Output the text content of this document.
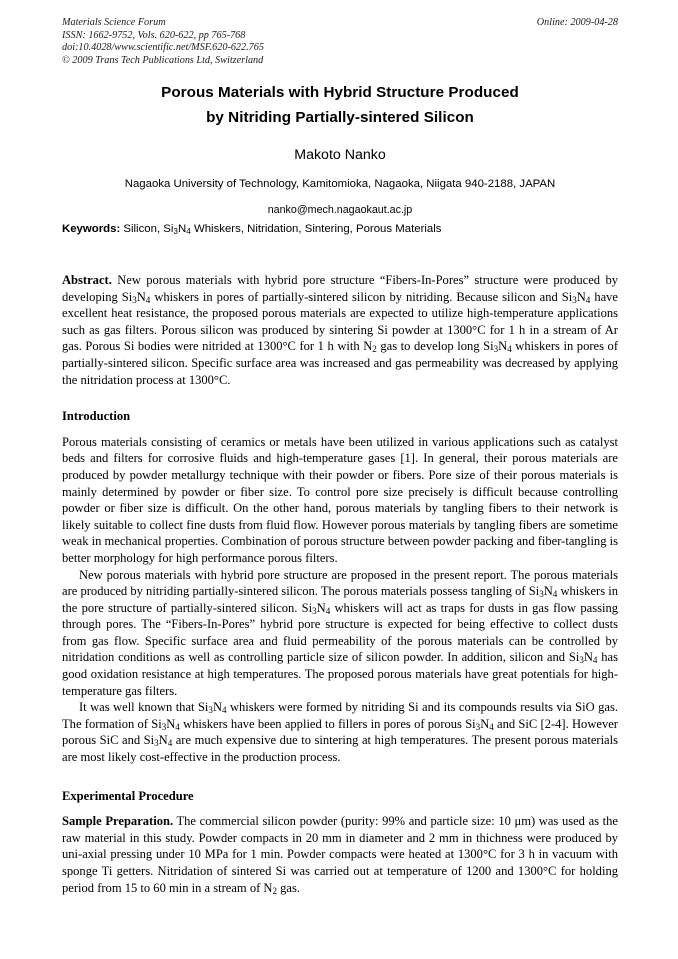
Materials Science Forum
ISSN: 1662-9752, Vols. 620-622, pp 765-768
doi:10.4028/www.scientific.net/MSF.620-622.765
© 2009 Trans Tech Publications Ltd, Switzerland
Online: 2009-04-28
Porous Materials with Hybrid Structure Produced
by Nitriding Partially-sintered Silicon
Makoto Nanko
Nagaoka University of Technology, Kamitomioka, Nagaoka, Niigata 940-2188, JAPAN
nanko@mech.nagaokaut.ac.jp
Keywords: Silicon, $Si_3N_4$ Whiskers, Nitridation, Sintering, Porous Materials

Abstract. New porous materials with hybrid pore structure “Fibers-In-Pores” structure were produced by developing $Si_3N_4$ whiskers in pores of partially-sintered silicon by nitriding. Because silicon and $Si_3N_4$ have excellent heat resistance, the proposed porous materials are expected to utilize high-temperature applications such as gas filters. Porous silicon was produced by sintering Si powder at 1300°C for 1 h in a stream of Ar gas. Porous Si bodies were nitrided at 1300°C for 1 h with $N_2$ gas to develop long $Si_3N_4$ whiskers in pores of partially-sintered silicon. Specific surface area was increased and gas permeability was decreased by applying the nitridation process at 1300°C.

Introduction

Porous materials consisting of ceramics or metals have been utilized in various applications such as catalyst beds and filters for corrosive fluids and high-temperature gases [1]. In general, their porous materials are produced by powder metallurgy technique with their powder or fibers. Pore size of their porous materials is mainly determined by powder or fiber size. To control pore size precisely is difficult because controlling powder or fiber size is difficult. On the other hand, porous materials by tangling fibers to their network is likely suitable to collect fine dusts from fluid flow. However porous materials by tangling fibers are sometime weak in mechanical properties. Combination of porous structure between powder packing and fiber-tangling is better morphology for high performance porous filters.

New porous materials with hybrid pore structure are proposed in the present report. The porous materials are produced by nitriding partially-sintered silicon. The porous materials possess tangling of $Si_3N_4$ whiskers in the pore structure of partially-sintered silicon. $Si_3N_4$ whiskers will act as traps for dusts in gas flow passing through pores. The “Fibers-In-Pores” hybrid pore structure is expected for being effective to collect dusts from gas flow. Specific surface area and fluid permeability of the porous materials can be controlled by nitridation conditions as well as controlling particle size of silicon powder. In addition, silicon and $Si_3N_4$ has good oxidation resistance at high temperatures. The proposed porous materials have great potentials for high-temperature gas filters.

It was well known that $Si_3N_4$ whiskers were formed by nitriding Si and its compounds results via SiO gas. The formation of $Si_3N_4$ whiskers have been applied to fillers in pores of porous $Si_3N_4$ and SiC [2-4]. However porous SiC and $Si_3N_4$ are much expensive due to sintering at high temperatures. The present porous materials are most likely cost-effective in the production process.

Experimental Procedure

Sample Preparation. The commercial silicon powder (purity: 99% and particle size: 10 μm) was used as the raw material in this study. Powder compacts in 20 mm in diameter and 2 mm in thichness were produced by uni-axial pressing under 10 MPa for 1 min. Powder compacts were heated at 1300°C for 3 h in vacuum with sponge Ti getters. Nitridation of sintered Si was carried out at temperature of 1200 and 1300°C for holding period from 15 to 60 min in a stream of $N_2$ gas.
